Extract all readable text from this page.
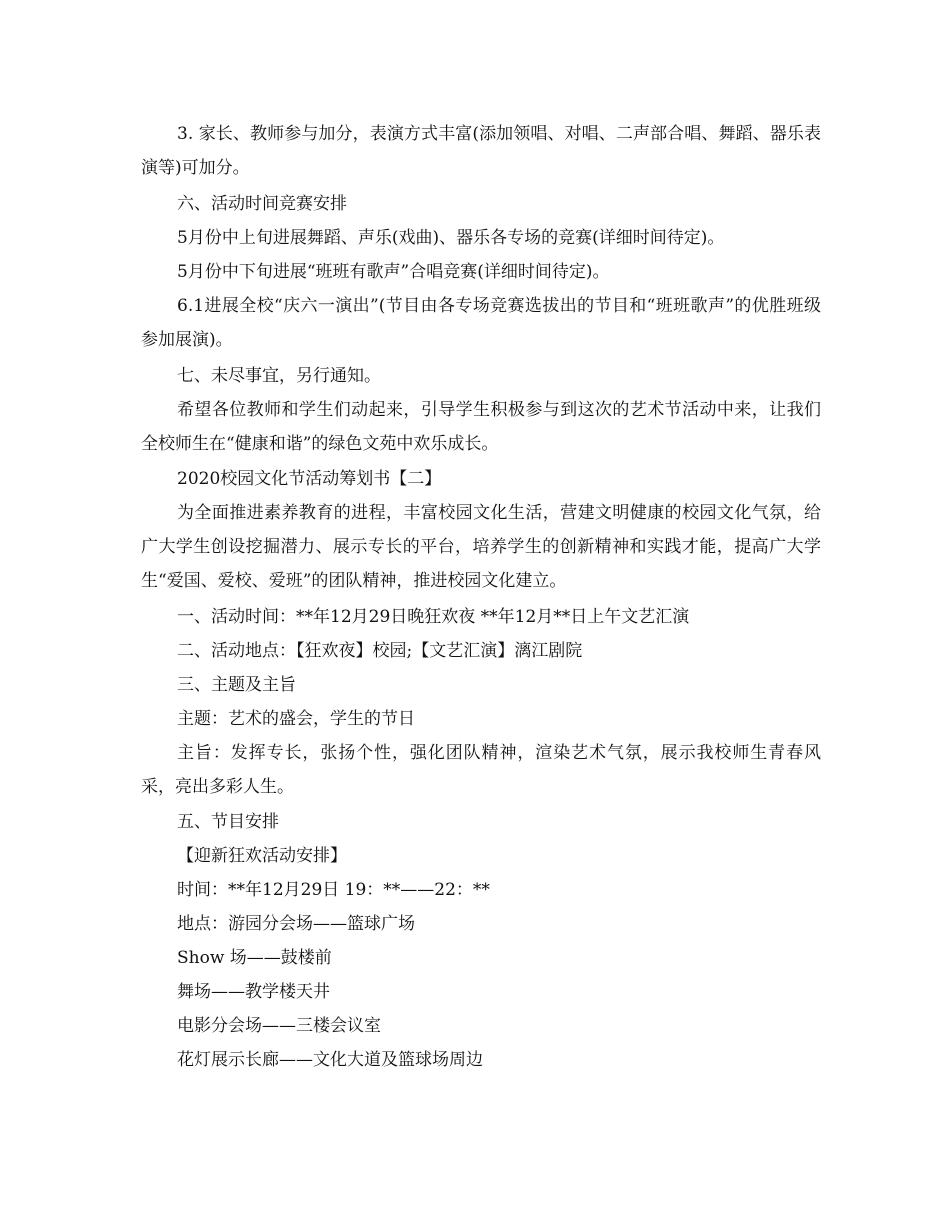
3. 家长、教师参与加分，表演方式丰富(添加领唱、对唱、二声部合唱、舞蹈、器乐表演等)可加分。

六、活动时间竞赛安排

5月份中上旬进展舞蹈、声乐(戏曲)、器乐各专场的竞赛(详细时间待定)。

5月份中下旬进展“班班有歌声”合唱竞赛(详细时间待定)。

6.1进展全校“庆六一演出”(节目由各专场竞赛选拔出的节目和“班班歌声”的优胜班级参加展演)。

七、未尽事宜，另行通知。

希望各位教师和学生们动起来，引导学生积极参与到这次的艺术节活动中来，让我们全校师生在“健康和谐”的绿色文苑中欢乐成长。

2020校园文化节活动筹划书【二】

为全面推进素养教育的进程，丰富校园文化生活，营建文明健康的校园文化气氛，给广大学生创设挖掘潜力、展示专长的平台，培养学生的创新精神和实践才能，提高广大学生“爱国、爱校、爱班”的团队精神，推进校园文化建立。

一、活动时间：**年12月29日晚狂欢夜 **年12月**日上午文艺汇演

二、活动地点：【狂欢夜】校园;【文艺汇演】漓江剧院

三、主题及主旨

主题：艺术的盛会，学生的节日

主旨：发挥专长，张扬个性，强化团队精神，渲染艺术气氛，展示我校师生青春风采，亮出多彩人生。

五、节目安排

【迎新狂欢活动安排】

时间：**年12月29日 19：**——22：**

地点：游园分会场——篮球广场

Show 场——鼓楼前

舞场——教学楼天井

电影分会场——三楼会议室

花灯展示长廊——文化大道及篮球场周边
